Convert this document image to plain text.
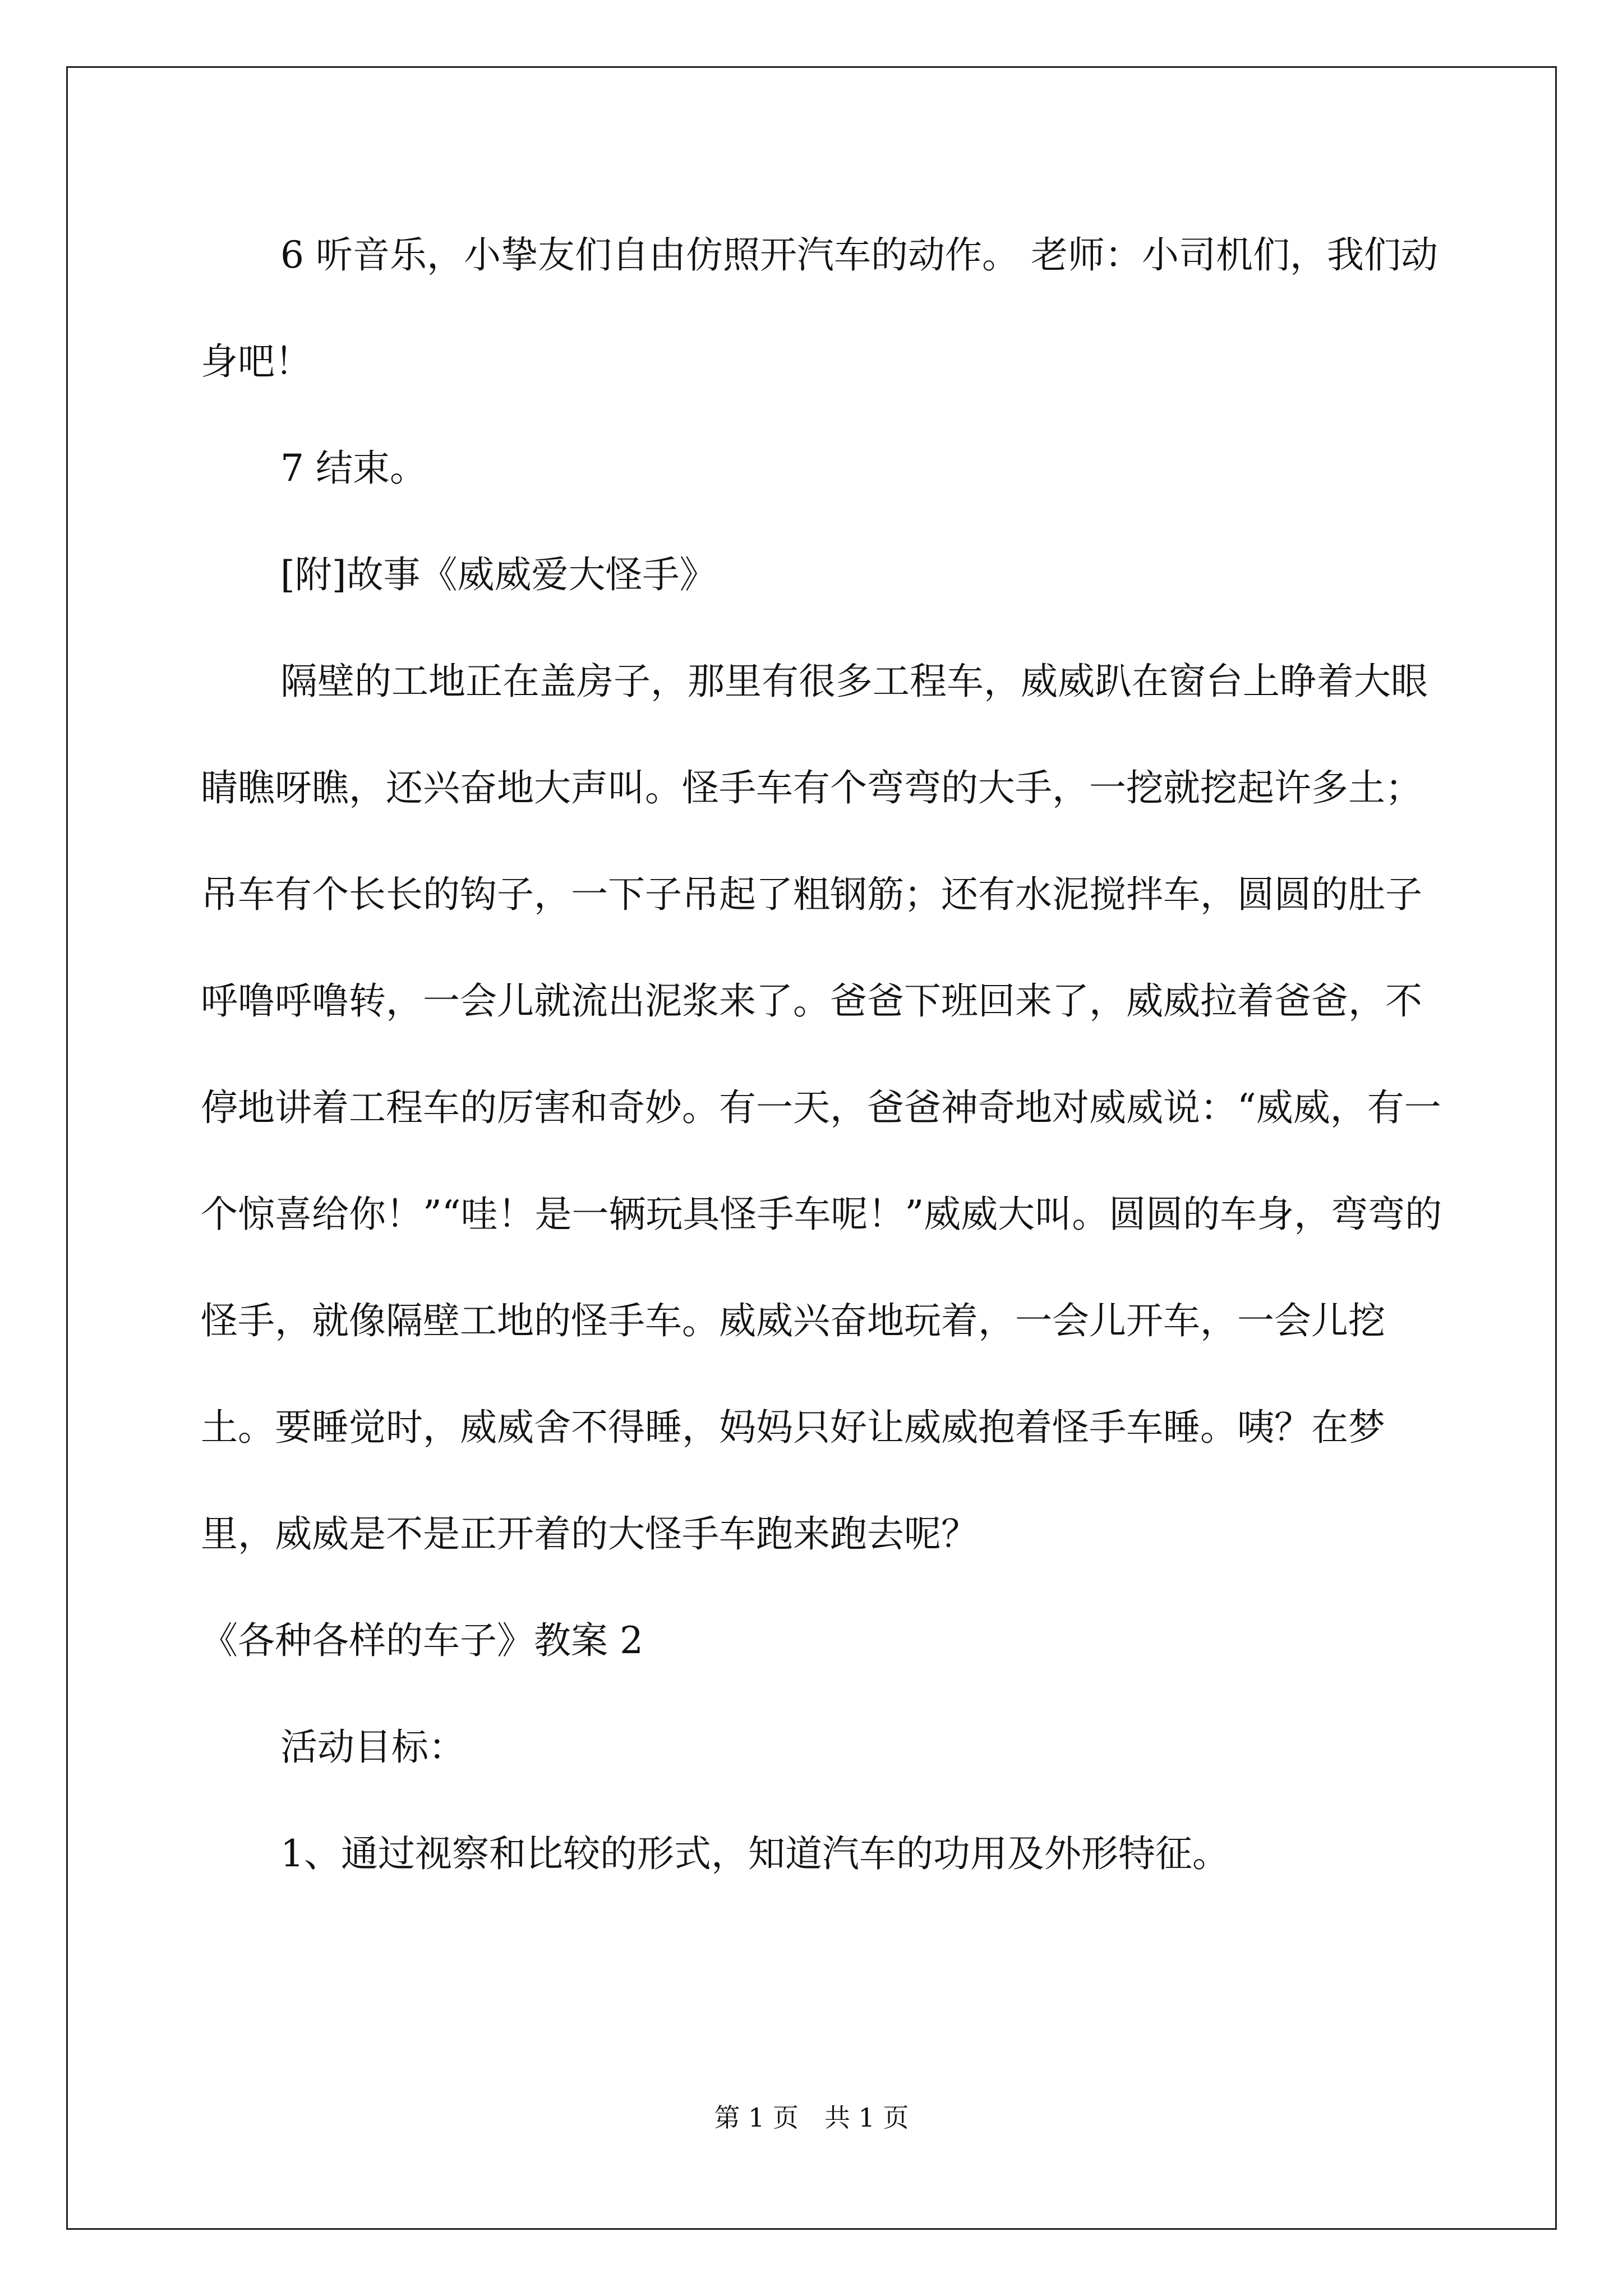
6 听音乐，小挚友们自由仿照开汽车的动作。 老师：小司机们，我们动身吧！

7 结束。

[附]故事《威威爱大怪手》

隔壁的工地正在盖房子，那里有很多工程车，威威趴在窗台上睁着大眼睛瞧呀瞧，还兴奋地大声叫。怪手车有个弯弯的大手，一挖就挖起许多土；吊车有个长长的钩子，一下子吊起了粗钢筋；还有水泥搅拌车，圆圆的肚子呼噜呼噜转，一会儿就流出泥浆来了。爸爸下班回来了，威威拉着爸爸，不停地讲着工程车的厉害和奇妙。有一天，爸爸神奇地对威威说：“威威，有一个惊喜给你！”“哇！是一辆玩具怪手车呢！”威威大叫。圆圆的车身，弯弯的怪手，就像隔壁工地的怪手车。威威兴奋地玩着，一会儿开车，一会儿挖土。要睡觉时，威威舍不得睡，妈妈只好让威威抱着怪手车睡。咦？在梦里，威威是不是正开着的大怪手车跑来跑去呢？

《各种各样的车子》教案 2

活动目标：

1、通过视察和比较的形式，知道汽车的功用及外形特征。

第 1 页　共 1 页
